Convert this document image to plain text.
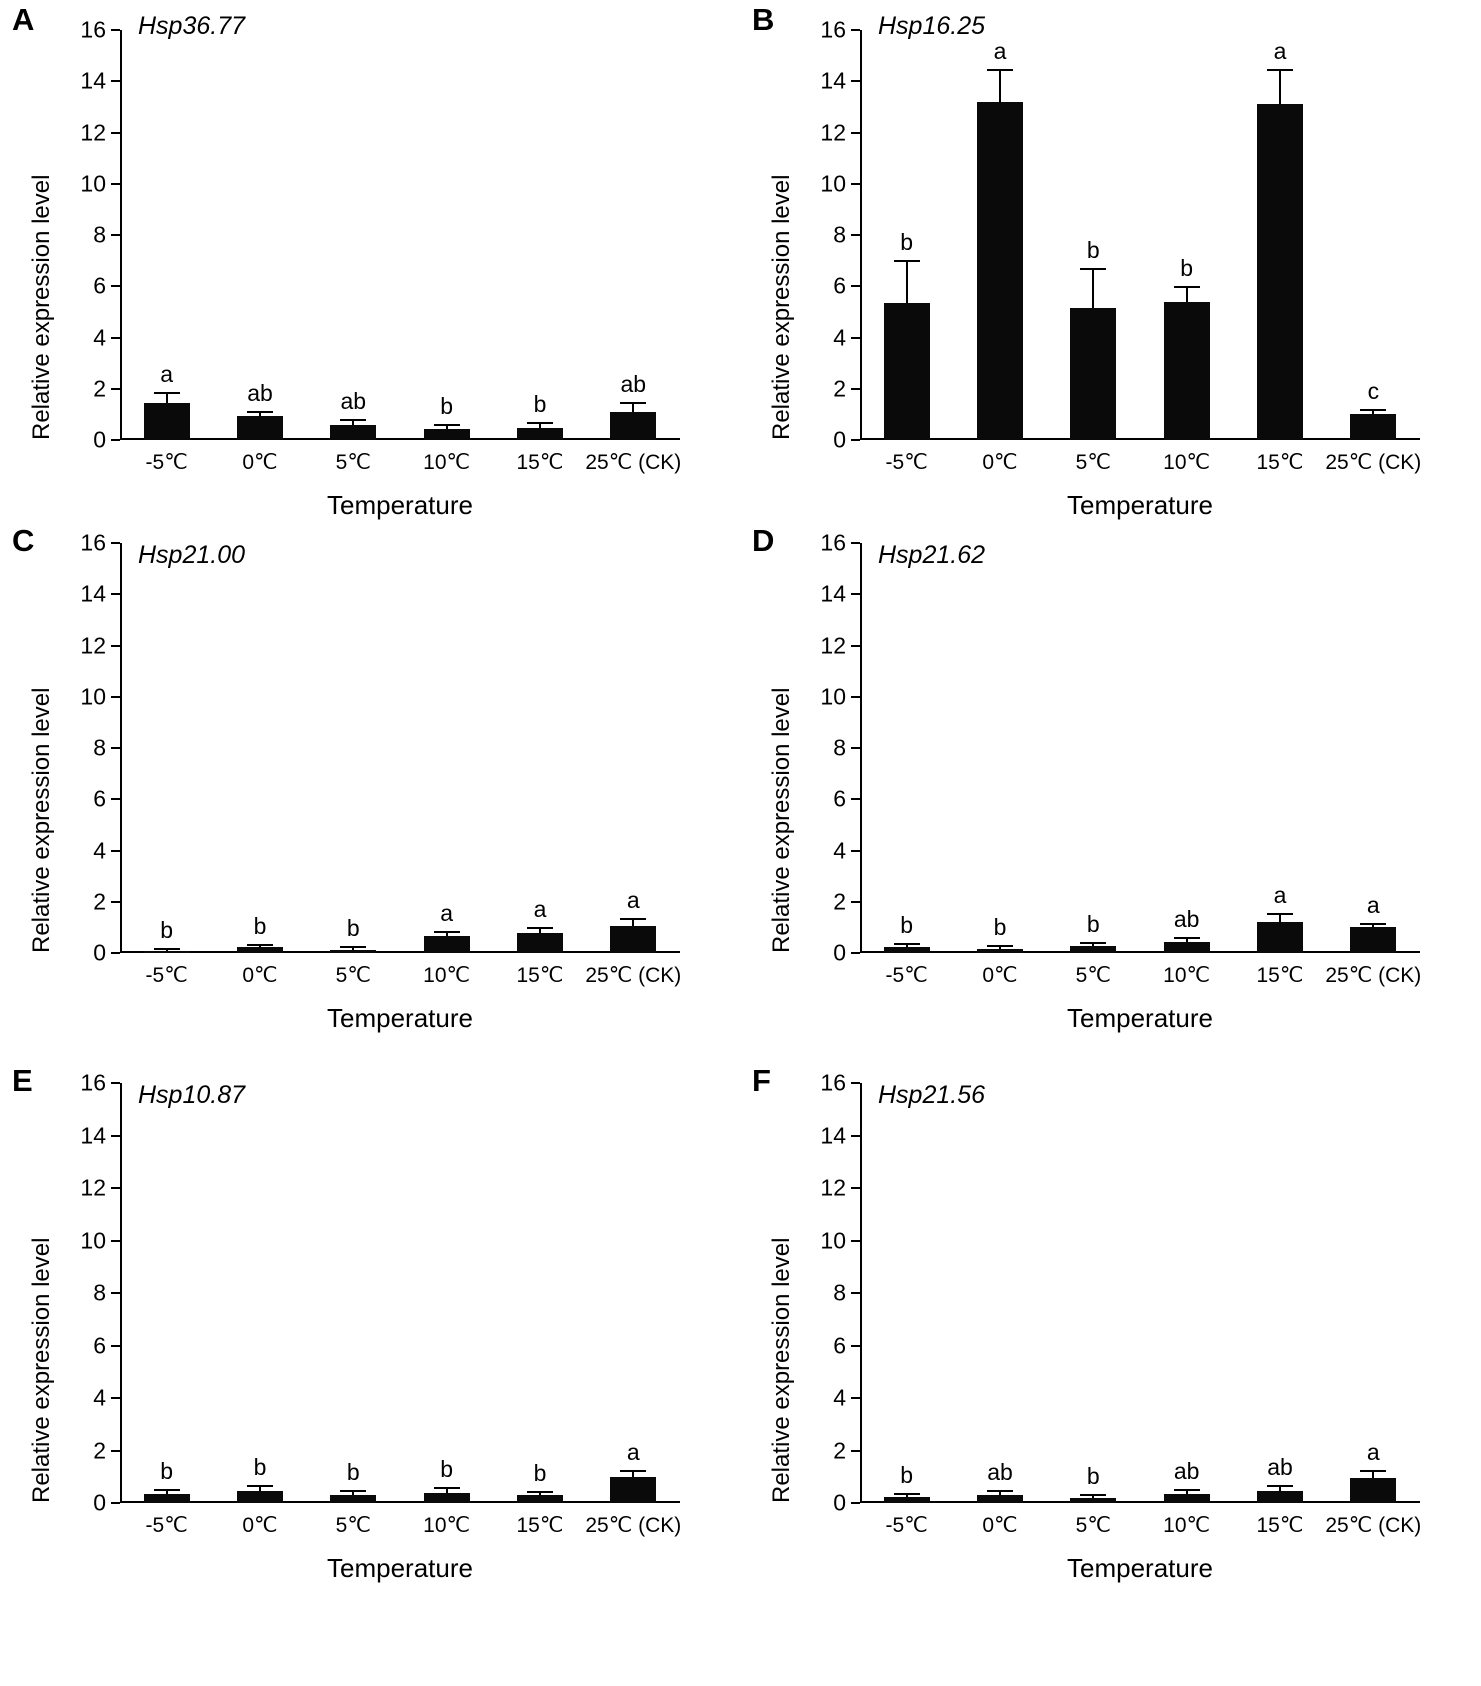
A	Hsp36.77
Relative expression level 0
2
4
6
8
10
12
14
16
a
-5℃
ab
0℃
ab
5℃
b
10℃
b
15℃
ab
25℃ (CK)
Temperature
B	Hsp16.25
Relative expression level 0
2
4
6
8
10
12
14
16
b
-5℃
a
0℃
b
5℃
b
10℃
a
15℃
c
25℃ (CK)
Temperature
C	Hsp21.00
Relative expression level 0
2
4
6
8
10
12
14
16
b
-5℃
b
0℃
b
5℃
a
10℃
a
15℃
a
25℃ (CK)
Temperature
D	Hsp21.62
Relative expression level 0
2
4
6
8
10
12
14
16
b
-5℃
b
0℃
b
5℃
ab
10℃
a
15℃
a
25℃ (CK)
Temperature
E	Hsp10.87
Relative expression level 0
2
4
6
8
10
12
14
16
b
-5℃
b
0℃
b
5℃
b
10℃
b
15℃
a
25℃ (CK)
Temperature
F	Hsp21.56
Relative expression level 0
2
4
6
8
10
12
14
16
b
-5℃
ab
0℃
b
5℃
ab
10℃
ab
15℃
a
25℃ (CK)
Temperature
